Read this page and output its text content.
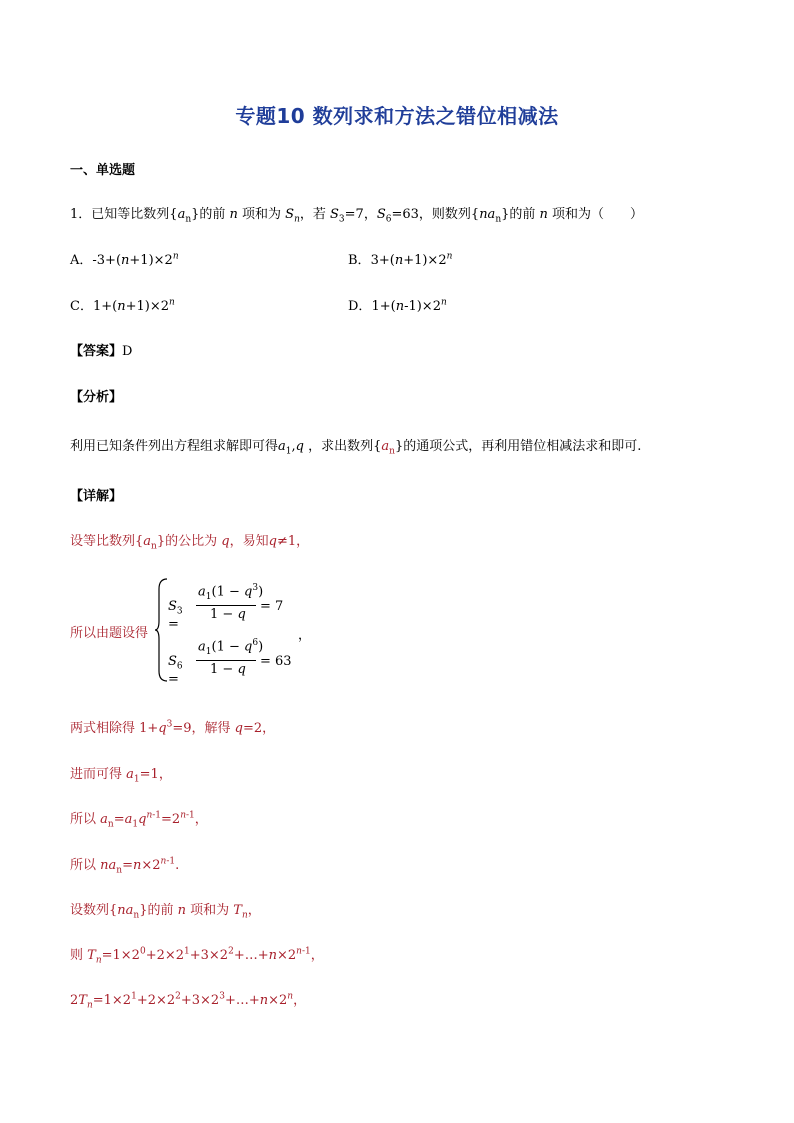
专题10 数列求和方法之错位相减法
一、单选题
1．已知等比数列$\{a_n\}$的前 n 项和为 $S_n$，若 $S_3=7$，$S_6=63$，则数列$\{na_n\}$的前 n 项和为（　　）
A．$-3+(n+1)\times 2^n$	B．$3+(n+1)\times 2^n$
C．$1+(n+1)\times 2^n$	D．$1+(n-1)\times 2^n$
【答案】D
【分析】
利用已知条件列出方程组求解即可得$a_1,q$ ，求出数列$\{a_n\}$的通项公式，再利用错位相减法求和即可.
【详解】
设等比数列$\{a_n\}$的公比为 q，易知q≠1，
所以由题设得
$S_3$ =
$a_1(1 - q^3)$
1 − q
= 7
$S_6$ =
$a_1(1 - q^6)$
1 − q
= 63
，
两式相除得 $1+q^3=9$，解得 q=2，
进而可得 $a_1=1$，
所以 $a_n=a_1q^{n-1}=2^{n-1}$，
所以 $na_n=n\times 2^{n-1}$.
设数列$\{na_n\}$的前 n 项和为 $T_n$，
则 $T_n=1\times 2^0+2\times 2^1+3\times 2^2+\dots+n\times 2^{n-1}$，
$2T_n=1\times 2^1+2\times 2^2+3\times 2^3+\dots+n\times 2^n$，
